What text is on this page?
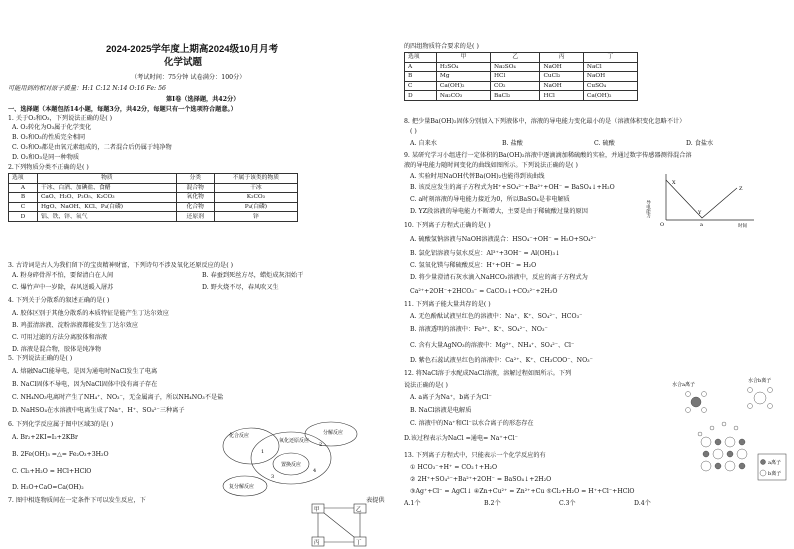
2024-2025学年度上期高2024级10月月考
化学试题
（考试时间：75分钟 试卷满分：100分）
可能用到的相对原子质量：H:1 C:12 N:14 O:16 Fe: 56
第Ⅰ卷（选择题，共42分）
一、选择题（本题包括14小题，每题3分，共42分，每题只有一个选项符合题意。）
1. 关于O₂和O₃，下列说法正确的是( )
A. O₂转化为O₃属于化学变化
B. O₂和O₃的性质完全相同
C. O₂和O₃都是由氧元素组成的，二者混合后仍属于纯净物
D. O₂和O₃是同一种物质
2.下列物质分类不正确的是( )
选项	物质	分类	不属于该类的物质
A	干冰、白酒、加碘盐、食醋	混合物	干冰
B	CaO、H₂O、P₂O₅、K₂CO₃	氧化物	K₂CO₃
C	HgO、NaOH、KCl、P₄(白磷)	化合物	P₄(白磷)
D	铝、铁、锌、氧气	还原剂	锌
3. 古诗词是古人为我们留下的宝贵精神财富，下列诗句不涉及氧化还原反应的是( )
A. 粉身碎骨浑不怕，要留清白在人间	B. 春蚕到死丝方尽，蜡炬成灰泪始干
C. 爆竹声中一岁除，春风送暖入屠苏	D. 野火烧不尽，春风吹又生
4. 下列关于分散系的叙述正确的是( )
A. 胶体区别于其他分散系的本质特征是能产生丁达尔效应
B. 鸡蛋清溶液、淀粉溶液都能发生丁达尔效应
C. 可用过滤的方法分离胶体和溶液
D. 溶液是混合物，胶体是纯净物
5. 下列说法正确的是( )
A. 熔融NaCl能导电，是因为通电时NaCl发生了电离
B. NaCl固体不导电，因为NaCl固体中没有离子存在
C. NH₄NO₃电离时产生了NH₄⁺、NO₃⁻，无金属离子，所以NH₄NO₃不是盐
D. NaHSO₄在水溶液中电离生成了Na⁺、H⁺、SO₄²⁻三种离子
6. 下列化学反应属于图中区域3的是( )
A. Br₂+2KI=I₂+2KBr
B. 2Fe(OH)₃ =△= Fe₂O₃+3H₂O
C. Cl₂+H₂O = HCl+HClO
D. H₂O+CaO=Ca(OH)₂
7. 图中相连物质间在一定条件下可以发生反应，下	表提供
化合反应
氧化还原反应
分解反应
置换反应
复分解反应
1
2
3
4
甲	乙
丙	丁
的四组物质符合要求的是( )
选项	甲	乙	丙	丁
A	H₂SO₄	Na₂SO₄	NaOH	NaCl
B	Mg	HCl	CuCl₂	NaOH
C	Ca(OH)₂	CO₂	NaOH	CuSO₄
D	Na₂CO₃	BaCl₂	HCl	Ca(OH)₂
8. 把少量Ba(OH)₂固体分别加入下列液体中，溶液的导电能力变化最小的是（溶液体积变化忽略不计）
( )
A. 自来水	B. 盐酸	C. 硫酸	D. 食盐水
9. 某研究学习小组进行一定体积的Ba(OH)₂溶液中逐滴滴加稀硫酸的实验，并通过数字传感器测得混合溶
液的导电能力随时间变化的曲线如图所示。下列说法正确的是( )
A. 实验时用NaOH代替Ba(OH)₂也能得到该曲线
B. 该反应发生的离子方程式为H⁺+SO₄²⁻+Ba²⁺+OH⁻ = BaSO₄↓+H₂O
C. a时刻溶液的导电能力接近为0，所以BaSO₄是非电解质
D. YZ段溶液的导电能力不断增大，主要是由于稀硫酸过量的原因	导电能力
时间
X
Y
Z
a
O
10. 下列离子方程式正确的是( )
A. 硫酸氢钠溶液与NaOH溶液混合：HSO₄⁻+OH⁻ = H₂O+SO₄²⁻
B. 氯化铝溶液与氨水反应：Al³⁺+3OH⁻ = Al(OH)₃↓
C. 氢氧化镁与稀硫酸反应：H⁺+OH⁻ = H₂O
D. 将少量澄清石灰水滴入NaHCO₃溶液中，反应的离子方程式为
Ca²⁺+2OH⁻+2HCO₃⁻ = CaCO₃↓+CO₃²⁻+2H₂O
11. 下列离子能大量共存的是( )
A. 无色酚酞试液呈红色的溶液中：Na⁺、K⁺、SO₄²⁻、HCO₃⁻
B. 溶液透明的溶液中：Fe³⁺、K⁺、SO₄²⁻、NO₃⁻
C. 含有大量AgNO₃的溶液中：Mg²⁺、NH₄⁺、SO₄²⁻、Cl⁻
D. 紫色石蕊试液呈红色的溶液中：Ca²⁺、K⁺、CH₃COO⁻、NO₃⁻
12. 将NaCl溶于水配成NaCl溶液，溶解过程如图所示。下列
说法正确的是( )
A. a离子为Na⁺，b离子为Cl⁻
B. NaCl溶液是电解质
C. 溶液中的Na⁺和Cl⁻以水合离子的形态存在
D.该过程表示为NaCl =通电= Na⁺+Cl⁻
水合a离子
水合b离子
a离子
b离子
13. 下列离子方程式中，只能表示一个化学反应的有
① HCO₃⁻+H⁺ = CO₂↑+H₂O
② 2H⁺+SO₄²⁻+Ba²⁺+2OH⁻ = BaSO₄↓+2H₂O
③Ag⁺+Cl⁻ = AgCl↓ ④Zn+Cu²⁺ = Zn²⁺+Cu ⑤Cl₂+H₂O = H⁺+Cl⁻+HClO
A.1个	B.2个	C.3个	D.4个
